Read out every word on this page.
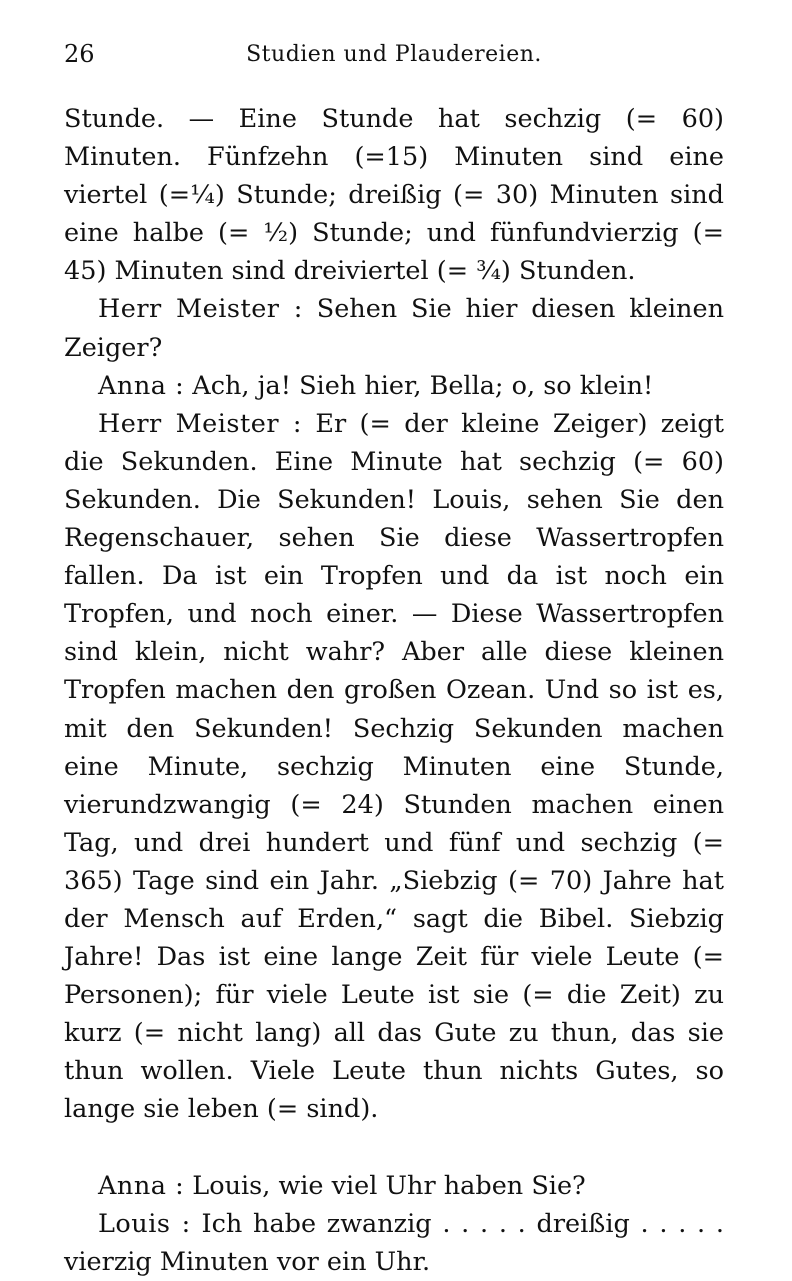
26	Studien und Plaudereien.

Stunde. — Eine Stunde hat sechzig (= 60) Minuten. Fünfzehn (=15) Minuten sind eine viertel (=¼) Stunde; dreißig (= 30) Minuten sind eine halbe (= ½) Stunde; und fünfundvierzig (= 45) Minuten sind dreiviertel (= ¾) Stunden.

Herr Meister : Sehen Sie hier diesen kleinen Zeiger?

Anna : Ach, ja! Sieh hier, Bella; o, so klein!

Herr Meister : Er (= der kleine Zeiger) zeigt die Sekunden. Eine Minute hat sechzig (= 60) Sekunden. Die Sekunden! Louis, sehen Sie den Regenschauer, sehen Sie diese Wassertropfen fallen. Da ist ein Tropfen und da ist noch ein Tropfen, und noch einer. — Diese Wassertropfen sind klein, nicht wahr? Aber alle diese kleinen Tropfen machen den großen Ozean. Und so ist es, mit den Sekunden! Sechzig Sekunden machen eine Minute, sechzig Minuten eine Stunde, vierundzwangig (= 24) Stunden machen einen Tag, und drei hundert und fünf und sechzig (= 365) Tage sind ein Jahr. „Siebzig (= 70) Jahre hat der Mensch auf Erden,“ sagt die Bibel. Siebzig Jahre! Das ist eine lange Zeit für viele Leute (= Personen); für viele Leute ist sie (= die Zeit) zu kurz (= nicht lang) all das Gute zu thun, das sie thun wollen. Viele Leute thun nichts Gutes, so lange sie leben (= sind).

Anna : Louis, wie viel Uhr haben Sie?

Louis : Ich habe zwanzig . . . . . dreißig . . . . . vierzig Minuten vor ein Uhr.
